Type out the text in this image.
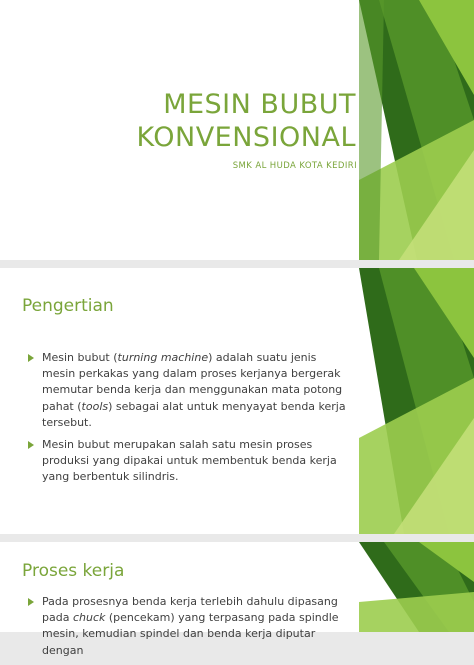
MESIN BUBUT
KONVENSIONAL
SMK AL HUDA KOTA KEDIRI
Pengertian
Mesin bubut (turning machine) adalah suatu jenis mesin perkakas yang dalam proses kerjanya bergerak memutar benda kerja dan menggunakan mata potong pahat (tools) sebagai alat untuk menyayat benda kerja tersebut.
Mesin bubut merupakan salah satu mesin proses produksi yang dipakai untuk membentuk benda kerja yang berbentuk silindris.
Proses kerja
Pada prosesnya benda kerja terlebih dahulu dipasang pada chuck (pencekam) yang terpasang pada spindle mesin, kemudian spindel dan benda kerja diputar dengan
